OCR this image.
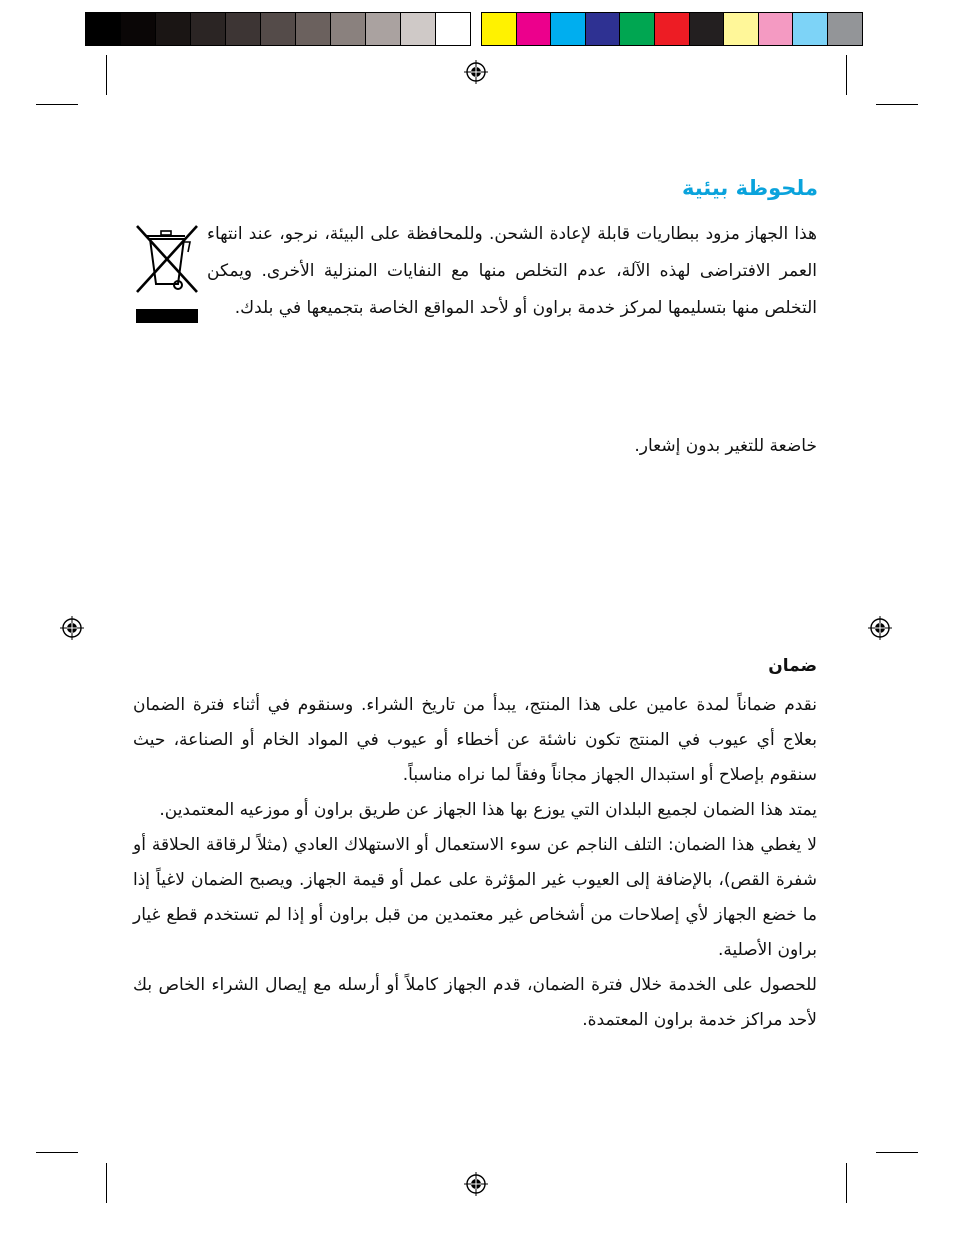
ملحوظة بيئية

هذا الجهاز مزود ببطاريات قابلة لإعادة الشحن. وللمحافظة على البيئة، نرجو، عند انتهاء العمر الافتراضى لهذه الآلة، عدم التخلص منها مع النفايات المنزلية الأخرى. ويمكن التخلص منها بتسليمها لمركز خدمة براون أو لأحد المواقع الخاصة بتجميعها في بلدك.

خاضعة للتغير بدون إشعار.

ضمان

نقدم ضماناً لمدة عامين على هذا المنتج، يبدأ من تاريخ الشراء. وسنقوم في أثناء فترة الضمان بعلاج أي عيوب في المنتج تكون ناشئة عن أخطاء أو عيوب في المواد الخام أو الصناعة، حيث سنقوم بإصلاح أو استبدال الجهاز مجاناً وفقاً لما نراه مناسباً.

يمتد هذا الضمان لجميع البلدان التي يوزع بها هذا الجهاز عن طريق براون أو موزعيه المعتمدين.

لا يغطي هذا الضمان: التلف الناجم عن سوء الاستعمال أو الاستهلاك العادي (مثلاً لرقاقة الحلاقة أو شفرة القص)، بالإضافة إلى العيوب غير المؤثرة على عمل أو قيمة الجهاز. ويصبح الضمان لاغياً إذا ما خضع الجهاز لأي إصلاحات من أشخاص غير معتمدين من قبل براون أو إذا لم تستخدم قطع غيار براون الأصلية.

للحصول على الخدمة خلال فترة الضمان، قدم الجهاز كاملاً أو أرسله مع إيصال الشراء الخاص بك لأحد مراكز خدمة براون المعتمدة.
